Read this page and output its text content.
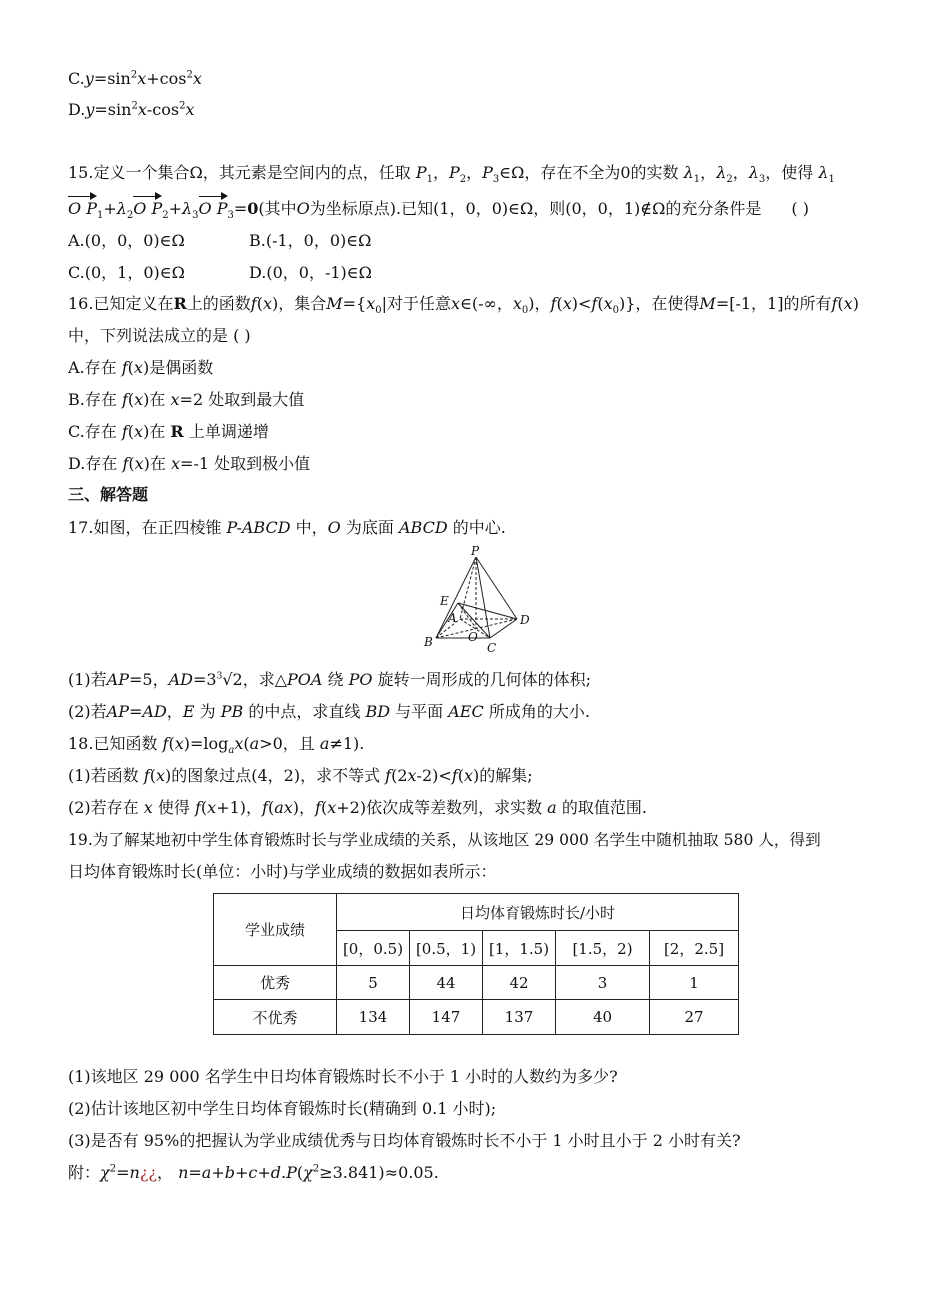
$C.y=\sin^2x+\cos^2x$
$D.y=\sin^2x-\cos^2x$
15.定义一个集合Ω，其元素是空间内的点，任取 $P_1$，$P_2$，$P_3\in\Omega$，存在不全为0的实数 $\lambda_1$，$\lambda_2$，$\lambda_3$，使得 $\lambda_1$
O $P_1+\lambda_2O$ $P_2+\lambda_3O$ $P_3=0$(其中O为坐标原点).已知(1，0，0)∈Ω，则(0，0，1)∉Ω的充分条件是 ( )
A.(0，0，0)∈Ω	B.(-1，0，0)∈Ω
C.(0，1，0)∈Ω	D.(0，0，-1)∈Ω
16.已知定义在R上的函数f(x)，集合$M=\{x_0|$对于任意x∈(-∞，$x_0$)，$f(x)<f(x_0)$}，在使得M=[-1，1]的所有f(x)
中，下列说法成立的是 ( )
A.存在 f(x)是偶函数
B.存在 f(x)在 x=2 处取到最大值
C.存在 f(x)在 R 上单调递增
D.存在 f(x)在 x=-1 处取到极小值
三、解答题
17.如图，在正四棱锥 P-ABCD 中，O 为底面 ABCD 的中心.
P
E
A
O
B	C
D
(1)若AP=5，$AD=3^3√2$，求△POA 绕 PO 旋转一周形成的几何体的体积;
(2)若AP=AD，E 为 PB 的中点，求直线 BD 与平面 AEC 所成角的大小.
18.已知函数 $f(x)=\log_ax(a>0$，且 a≠1).
(1)若函数 f(x)的图象过点(4，2)，求不等式 f(2x-2)<f(x)的解集;
(2)若存在 x 使得 f(x+1)，f(ax)，f(x+2)依次成等差数列，求实数 a 的取值范围.
19.为了解某地初中学生体育锻炼时长与学业成绩的关系，从该地区 29 000 名学生中随机抽取 580 人，得到
日均体育锻炼时长(单位：小时)与学业成绩的数据如表所示：
学业成绩	日均体育锻炼时长/小时				
	[0，0.5)	[0.5，1)	[1，1.5)	[1.5，2)	[2，2.5]
优秀	5	44	42	3	1
不优秀	134	147	137	40	27
(1)该地区 29 000 名学生中日均体育锻炼时长不小于 1 小时的人数约为多少?
(2)估计该地区初中学生日均体育锻炼时长(精确到 0.1 小时);
(3)是否有 95%的把握认为学业成绩优秀与日均体育锻炼时长不小于 1 小时且小于 2 小时有关?
附：$\chi^2=n¿¿$， $n=a+b+c+d.P(\chi^2\ge 3.841)\approx 0.05$.
